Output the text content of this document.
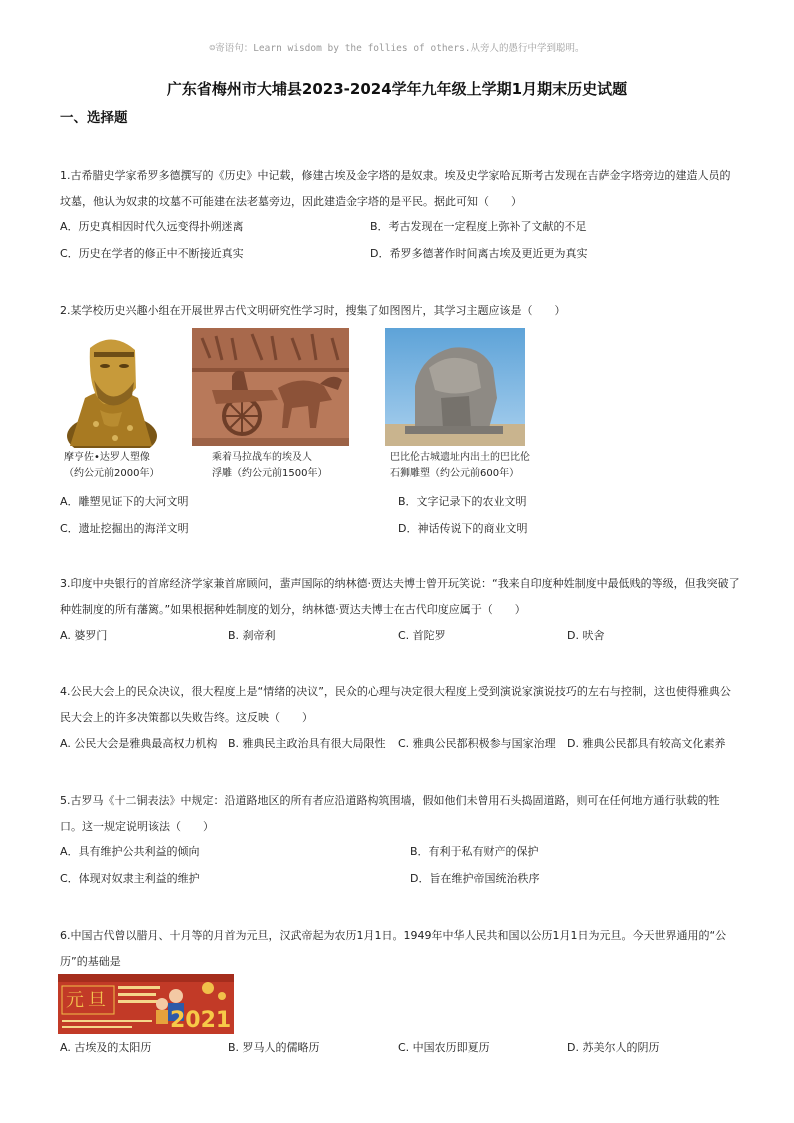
☺寄语句：Learn wisdom by the follies of others.从旁人的愚行中学到聪明。
广东省梅州市大埔县2023-2024学年九年级上学期1月期末历史试题
一、选择题
1.古希腊史学家希罗多德撰写的《历史》中记载，修建古埃及金字塔的是奴隶。埃及史学家哈瓦斯考古发现在吉萨金字塔旁边的建造人员的坟墓，他认为奴隶的坟墓不可能建在法老墓旁边，因此建造金字塔的是平民。据此可知（　　）
A．历史真相因时代久远变得扑朔迷离	B．考古发现在一定程度上弥补了文献的不足
C．历史在学者的修正中不断接近真实	D．希罗多德著作时间离古埃及更近更为真实
2.某学校历史兴趣小组在开展世界古代文明研究性学习时，搜集了如图图片，其学习主题应该是（　　）
摩亨佐•达罗人塑像
（约公元前2000年）
乘着马拉战车的埃及人
浮雕（约公元前1500年）
巴比伦古城遗址内出土的巴比伦
石狮雕塑（约公元前600年）
A．雕塑见证下的大河文明	B．文字记录下的农业文明
C．遗址挖掘出的海洋文明	D．神话传说下的商业文明
3.印度中央银行的首席经济学家兼首席顾问，蜚声国际的纳林德·贾达夫博士曾开玩笑说：“我来自印度种姓制度中最低贱的等级，但我突破了种姓制度的所有藩篱。”如果根据种姓制度的划分，纳林德·贾达夫博士在古代印度应属于（　　）
A. 婆罗门	B. 刹帝利	C. 首陀罗	D. 吠舍
4.公民大会上的民众决议，很大程度上是“情绪的决议”，民众的心理与决定很大程度上受到演说家演说技巧的左右与控制，这也使得雅典公民大会上的许多决策都以失败告终。这反映（　　）
A. 公民大会是雅典最高权力机构 B. 雅典民主政治具有很大局限性 C. 雅典公民都积极参与国家治理 D. 雅典公民都具有较高文化素养
5.古罗马《十二铜表法》中规定：沿道路地区的所有者应沿道路构筑围墙，假如他们未曾用石头捣固道路，则可在任何地方通行驮载的牲口。这一规定说明该法（　　）
A．具有维护公共利益的倾向	B．有利于私有财产的保护
C．体现对奴隶主利益的维护	D．旨在维护帝国统治秩序
6.中国古代曾以腊月、十月等的月首为元旦，汉武帝起为农历1月1日。1949年中华人民共和国以公历1月1日为元旦。今天世界通用的“公历”的基础是
元旦
2021
A. 古埃及的太阳历	B. 罗马人的儒略历	C. 中国农历即夏历	D. 苏美尔人的阴历
